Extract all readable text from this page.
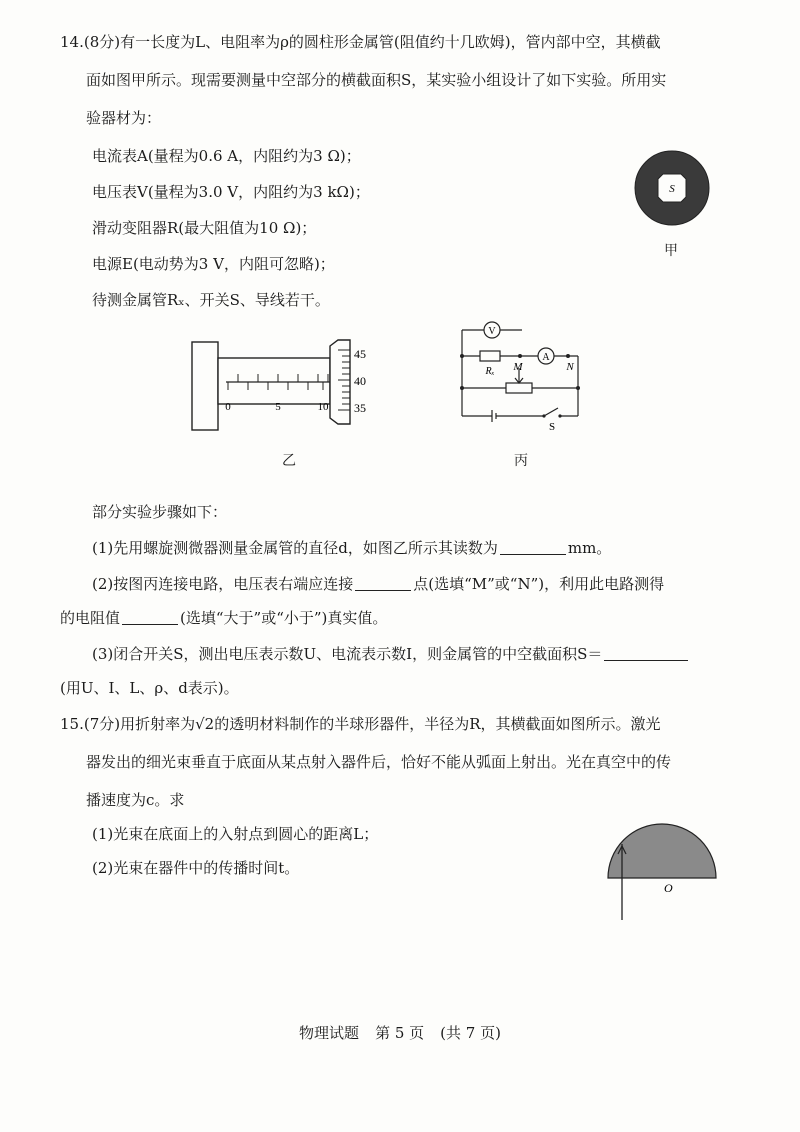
14.(8分)有一长度为L、电阻率为ρ的圆柱形金属管(阻值约十几欧姆)，管内部中空，其横截
面如图甲所示。现需要测量中空部分的横截面积S，某实验小组设计了如下实验。所用实
验器材为：
电流表A(量程为0.6 A，内阻约为3 Ω)；
电压表V(量程为3.0 V，内阻约为3 kΩ)；
滑动变阻器R(最大阻值为10 Ω)；
电源E(电动势为3 V，内阻可忽略)；
待测金属管Rₓ、开关S、导线若干。
S
甲
0	5	10
45
40
35
乙
V
A
Rₓ M	N
S
丙
部分实验步骤如下：
(1)先用螺旋测微器测量金属管的直径d，如图乙所示其读数为	mm。
(2)按图丙连接电路，电压表右端应连接	点(选填“M”或“N”)，利用此电路测得
的电阻值	(选填“大于”或“小于”)真实值。
(3)闭合开关S，测出电压表示数U、电流表示数I，则金属管的中空截面积S＝
(用U、I、L、ρ、d表示)。
15.(7分)用折射率为√2的透明材料制作的半球形器件，半径为R，其横截面如图所示。激光
器发出的细光束垂直于底面从某点射入器件后，恰好不能从弧面上射出。光在真空中的传
播速度为c。求
(1)光束在底面上的入射点到圆心的距离L；
(2)光束在器件中的传播时间t。
O
物理试题 第 5 页 (共 7 页)
